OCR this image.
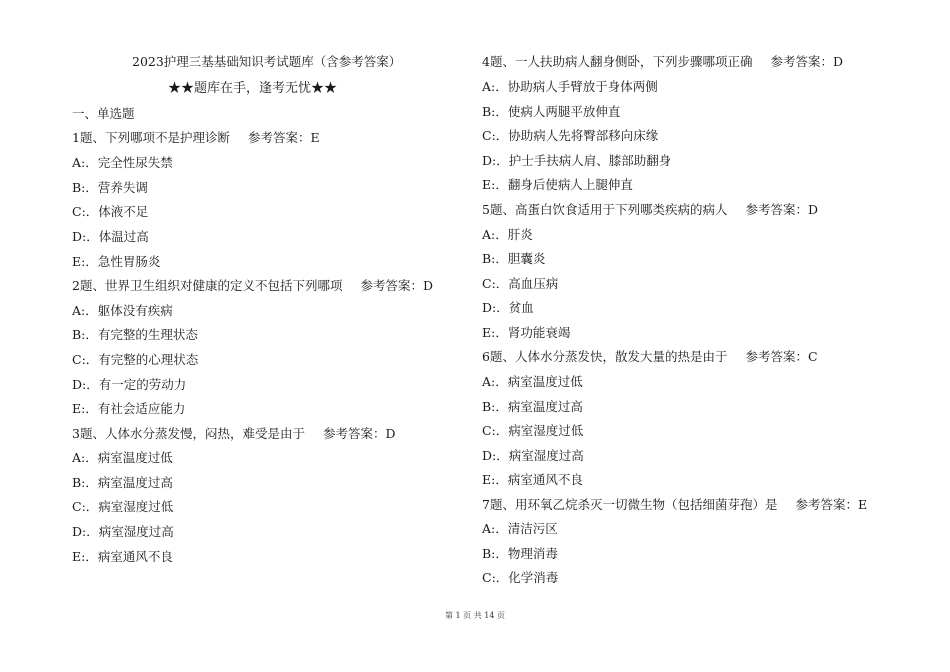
2023护理三基基础知识考试题库（含参考答案）
★★题库在手，逢考无忧★★
一、单选题
1题、下列哪项不是护理诊断 参考答案：E
A:．完全性尿失禁
B:．营养失调
C:．体液不足
D:．体温过高
E:．急性胃肠炎
2题、世界卫生组织对健康的定义不包括下列哪项 参考答案：D
A:．躯体没有疾病
B:．有完整的生理状态
C:．有完整的心理状态
D:．有一定的劳动力
E:．有社会适应能力
3题、人体水分蒸发慢，闷热，难受是由于 参考答案：D
A:．病室温度过低
B:．病室温度过高
C:．病室湿度过低
D:．病室湿度过高
E:．病室通风不良
4题、一人扶助病人翻身侧卧，下列步骤哪项正确 参考答案：D
A:．协助病人手臂放于身体两侧
B:．使病人两腿平放伸直
C:．协助病人先将臀部移向床缘
D:．护士手扶病人肩、膝部助翻身
E:．翻身后使病人上腿伸直
5题、高蛋白饮食适用于下列哪类疾病的病人 参考答案：D
A:．肝炎
B:．胆囊炎
C:．高血压病
D:．贫血
E:．肾功能衰竭
6题、人体水分蒸发快，散发大量的热是由于 参考答案：C
A:．病室温度过低
B:．病室温度过高
C:．病室湿度过低
D:．病室湿度过高
E:．病室通风不良
7题、用环氧乙烷杀灭一切微生物（包括细菌芽孢）是 参考答案：E
A:．清洁污区
B:．物理消毒
C:．化学消毒
第 1 页 共 14 页
